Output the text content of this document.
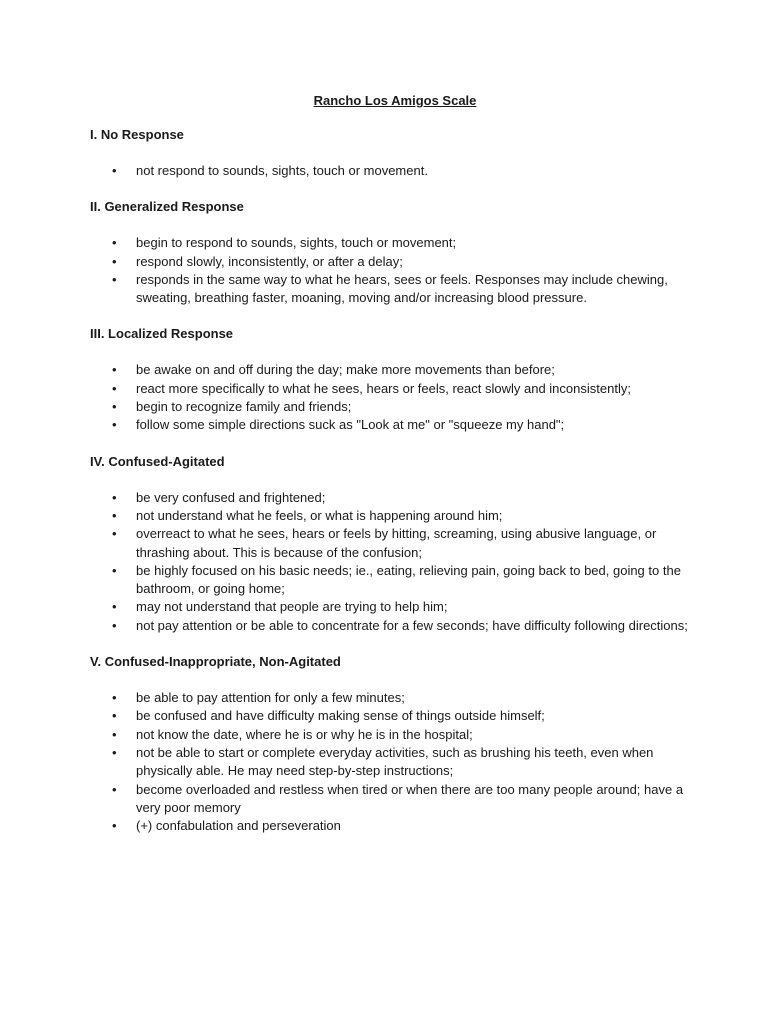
Rancho Los Amigos Scale
I. No Response
• not respond to sounds, sights, touch or movement.
II. Generalized Response
• begin to respond to sounds, sights, touch or movement;
• respond slowly, inconsistently, or after a delay;
• responds in the same way to what he hears, sees or feels. Responses may include chewing, sweating, breathing faster, moaning, moving and/or increasing blood pressure.
III. Localized Response
• be awake on and off during the day; make more movements than before;
• react more specifically to what he sees, hears or feels, react slowly and inconsistently;
• begin to recognize family and friends;
• follow some simple directions suck as "Look at me" or "squeeze my hand";
IV. Confused-Agitated
• be very confused and frightened;
• not understand what he feels, or what is happening around him;
• overreact to what he sees, hears or feels by hitting, screaming, using abusive language, or thrashing about. This is because of the confusion;
• be highly focused on his basic needs; ie., eating, relieving pain, going back to bed, going to the bathroom, or going home;
• may not understand that people are trying to help him;
• not pay attention or be able to concentrate for a few seconds; have difficulty following directions;
V. Confused-Inappropriate, Non-Agitated
• be able to pay attention for only a few minutes;
• be confused and have difficulty making sense of things outside himself;
• not know the date, where he is or why he is in the hospital;
• not be able to start or complete everyday activities, such as brushing his teeth, even when physically able. He may need step-by-step instructions;
• become overloaded and restless when tired or when there are too many people around; have a very poor memory
• (+) confabulation and perseveration
